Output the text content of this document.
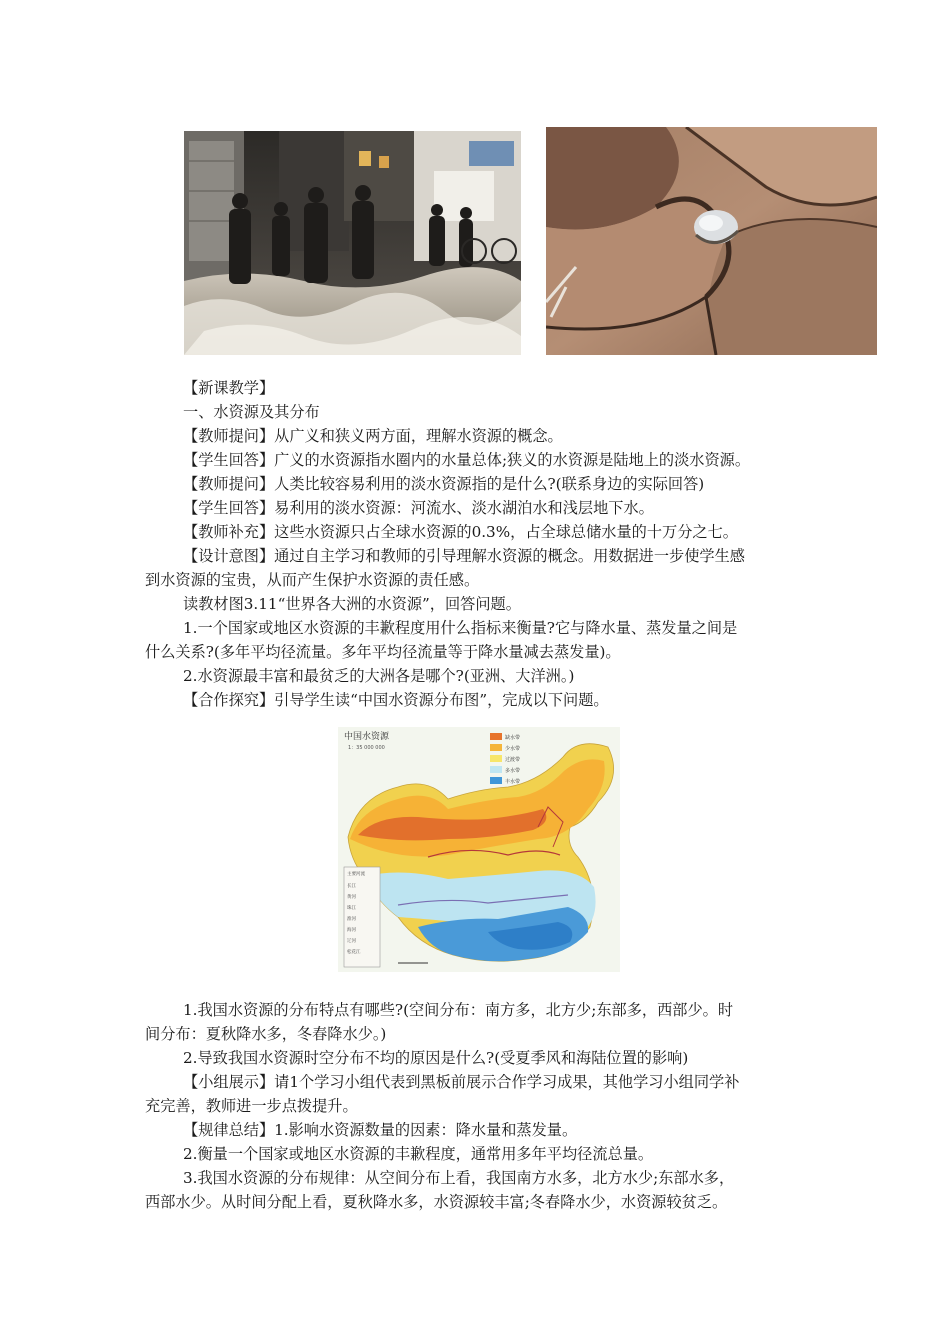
【新课教学】
一、水资源及其分布
【教师提问】从广义和狭义两方面，理解水资源的概念。
【学生回答】广义的水资源指水圈内的水量总体;狭义的水资源是陆地上的淡水资源。
【教师提问】人类比较容易利用的淡水资源指的是什么?(联系身边的实际回答)
【学生回答】易利用的淡水资源：河流水、淡水湖泊水和浅层地下水。
【教师补充】这些水资源只占全球水资源的0.3%，占全球总储水量的十万分之七。
【设计意图】通过自主学习和教师的引导理解水资源的概念。用数据进一步使学生感
到水资源的宝贵，从而产生保护水资源的责任感。
读教材图3.11“世界各大洲的水资源”，回答问题。
1.一个国家或地区水资源的丰歉程度用什么指标来衡量?它与降水量、蒸发量之间是
什么关系?(多年平均径流量。多年平均径流量等于降水量减去蒸发量)。
2.水资源最丰富和最贫乏的大洲各是哪个?(亚洲、大洋洲。)
【合作探究】引导学生读“中国水资源分布图”，完成以下问题。
中国水资源
1：35 000 000
缺水带
少水带
过渡带
多水带
丰水带
主要河流
长江
黄河
珠江
淮河
海河
辽河
松花江
1.我国水资源的分布特点有哪些?(空间分布：南方多，北方少;东部多，西部少。时
间分布：夏秋降水多，冬春降水少。)
2.导致我国水资源时空分布不均的原因是什么?(受夏季风和海陆位置的影响)
【小组展示】请1个学习小组代表到黑板前展示合作学习成果，其他学习小组同学补
充完善，教师进一步点拨提升。
【规律总结】1.影响水资源数量的因素：降水量和蒸发量。
2.衡量一个国家或地区水资源的丰歉程度，通常用多年平均径流总量。
3.我国水资源的分布规律：从空间分布上看，我国南方水多，北方水少;东部水多，
西部水少。从时间分配上看，夏秋降水多，水资源较丰富;冬春降水少，水资源较贫乏。
